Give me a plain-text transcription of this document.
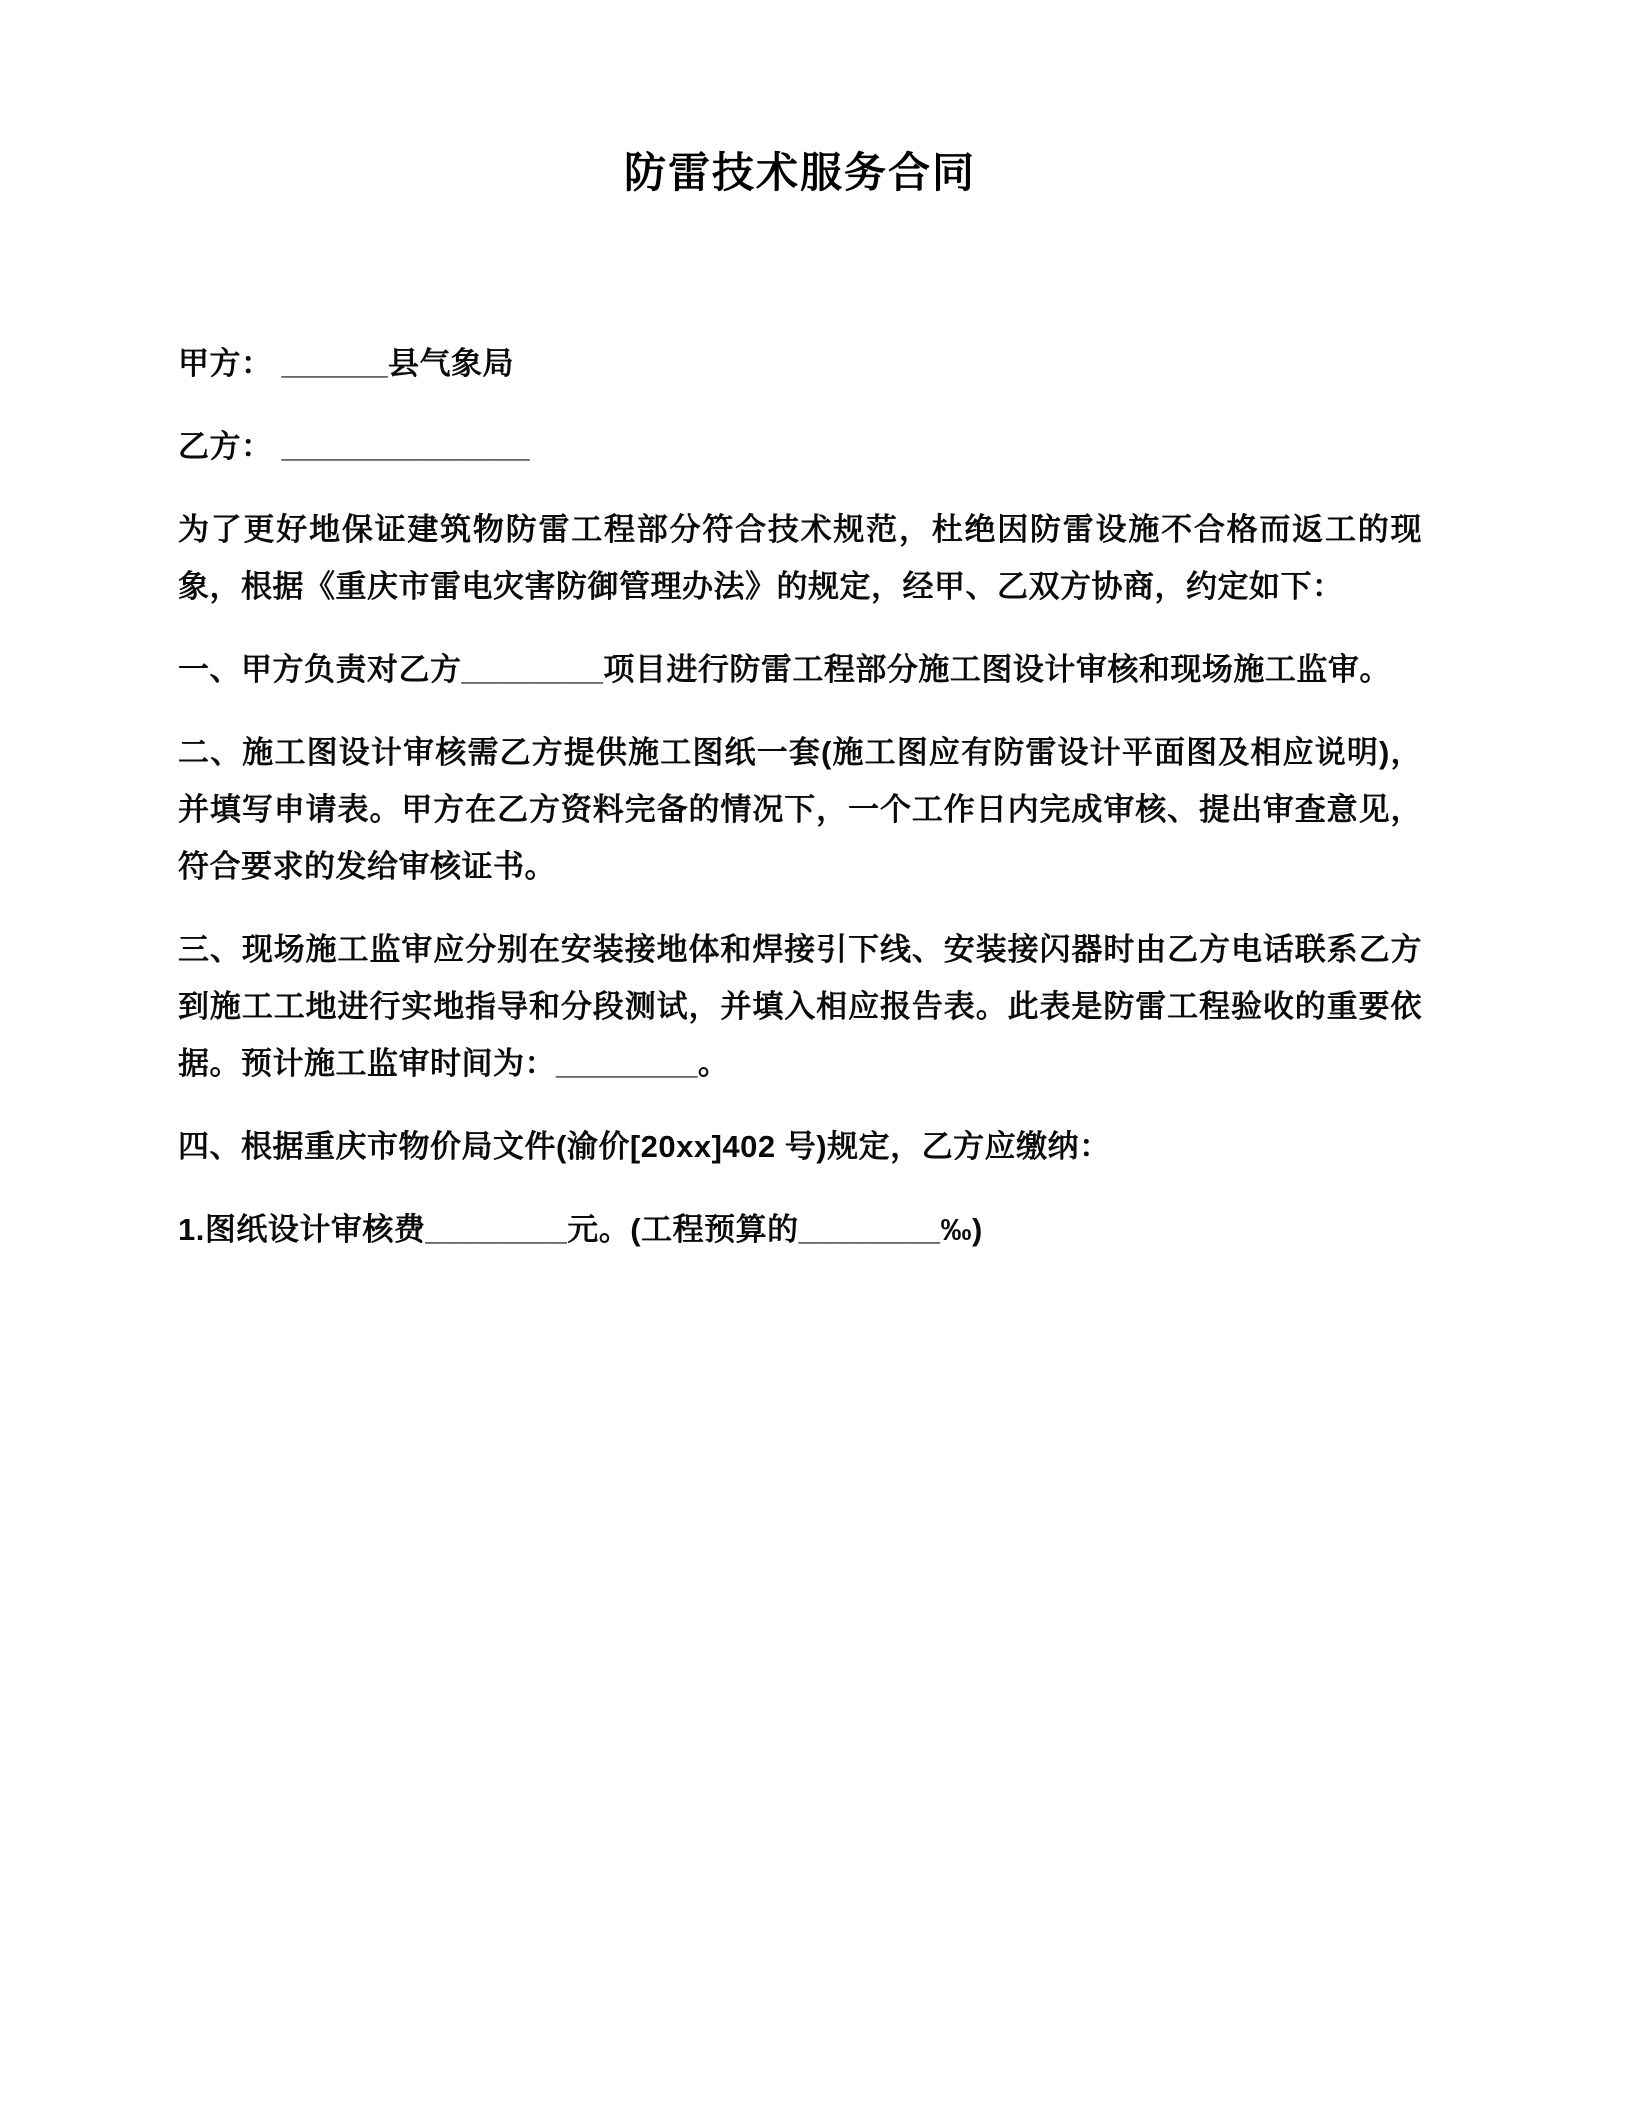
防雷技术服务合同

甲方： ______县气象局

乙方： ______________

为了更好地保证建筑物防雷工程部分符合技术规范，杜绝因防雷设施不合格而返工的现象，根据《重庆市雷电灾害防御管理办法》的规定，经甲、乙双方协商，约定如下：

一、甲方负责对乙方________项目进行防雷工程部分施工图设计审核和现场施工监审。

二、施工图设计审核需乙方提供施工图纸一套(施工图应有防雷设计平面图及相应说明)，并填写申请表。甲方在乙方资料完备的情况下，一个工作日内完成审核、提出审查意见，符合要求的发给审核证书。

三、现场施工监审应分别在安装接地体和焊接引下线、安装接闪器时由乙方电话联系乙方到施工工地进行实地指导和分段测试，并填入相应报告表。此表是防雷工程验收的重要依据。预计施工监审时间为：________。

四、根据重庆市物价局文件(渝价[20xx]402 号)规定，乙方应缴纳：

1.图纸设计审核费________元。(工程预算的________‰)
